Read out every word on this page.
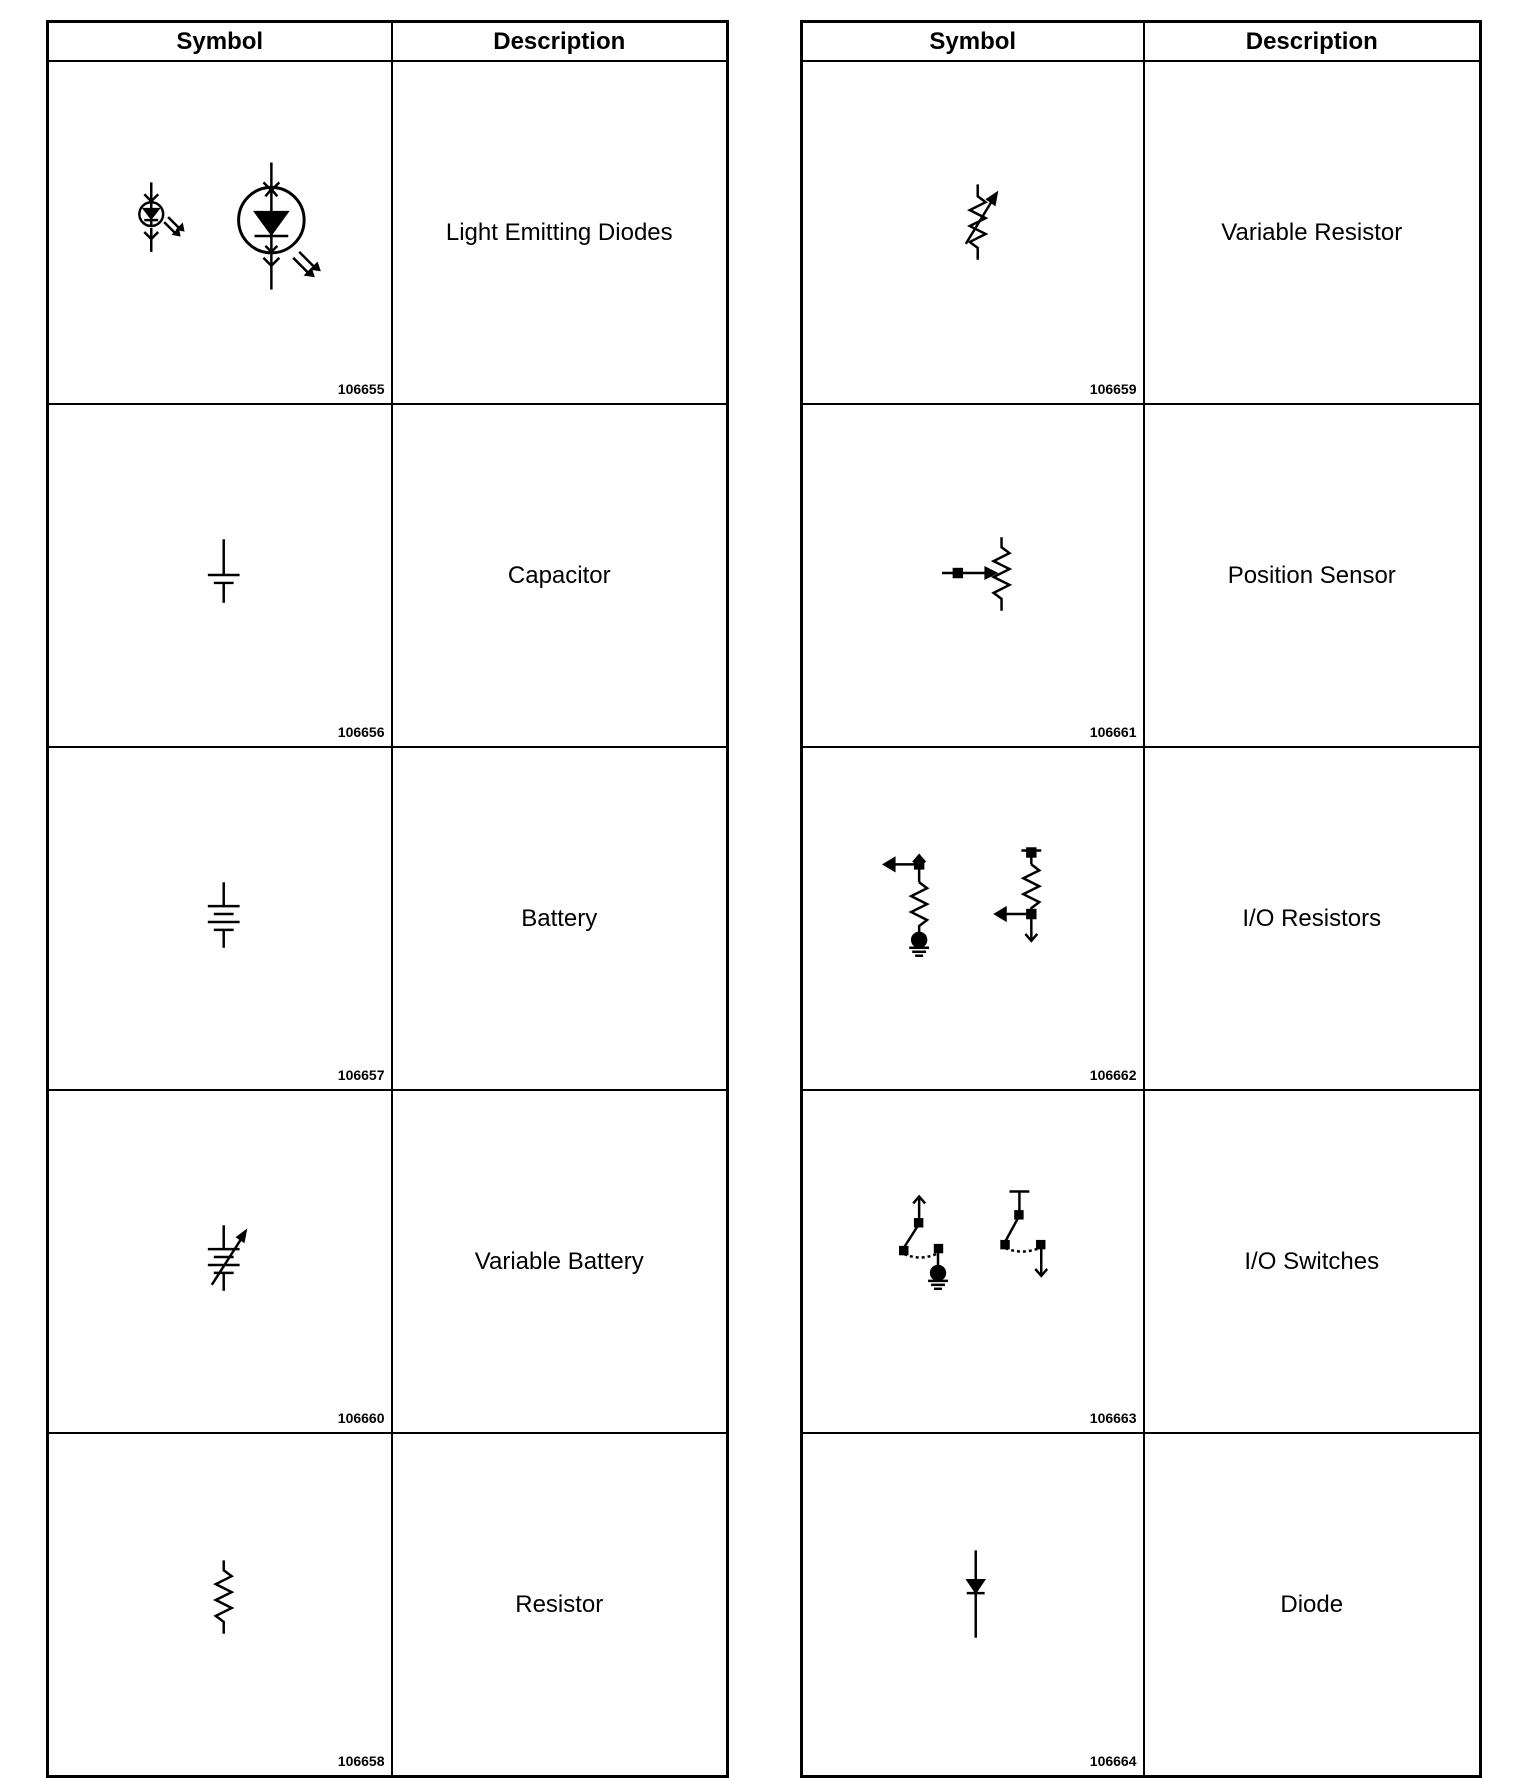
Symbol	Description

106655	Light Emitting Diodes

106656	Capacitor

106657	Battery

106660	Variable Battery

106658	Resistor
Symbol	Description

106659	Variable Resistor

106661	Position Sensor

106662	I/O Resistors

106663	I/O Switches

106664	Diode
